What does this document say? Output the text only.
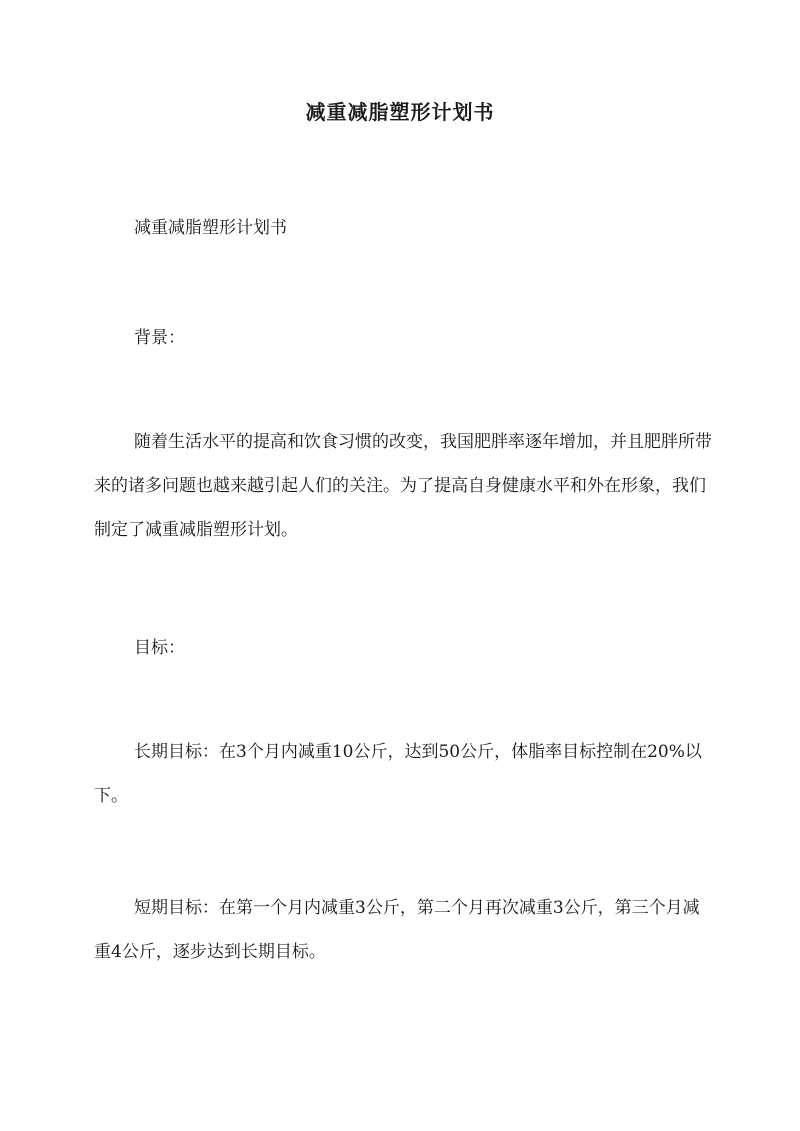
减重减脂塑形计划书

减重减脂塑形计划书

背景：

随着生活水平的提高和饮食习惯的改变，我国肥胖率逐年增加，并且肥胖所带来的诸多问题也越来越引起人们的关注。为了提高自身健康水平和外在形象，我们制定了减重减脂塑形计划。

目标：

长期目标：在3个月内减重10公斤，达到50公斤，体脂率目标控制在20%以下。

短期目标：在第一个月内减重3公斤，第二个月再次减重3公斤，第三个月减重4公斤，逐步达到长期目标。
